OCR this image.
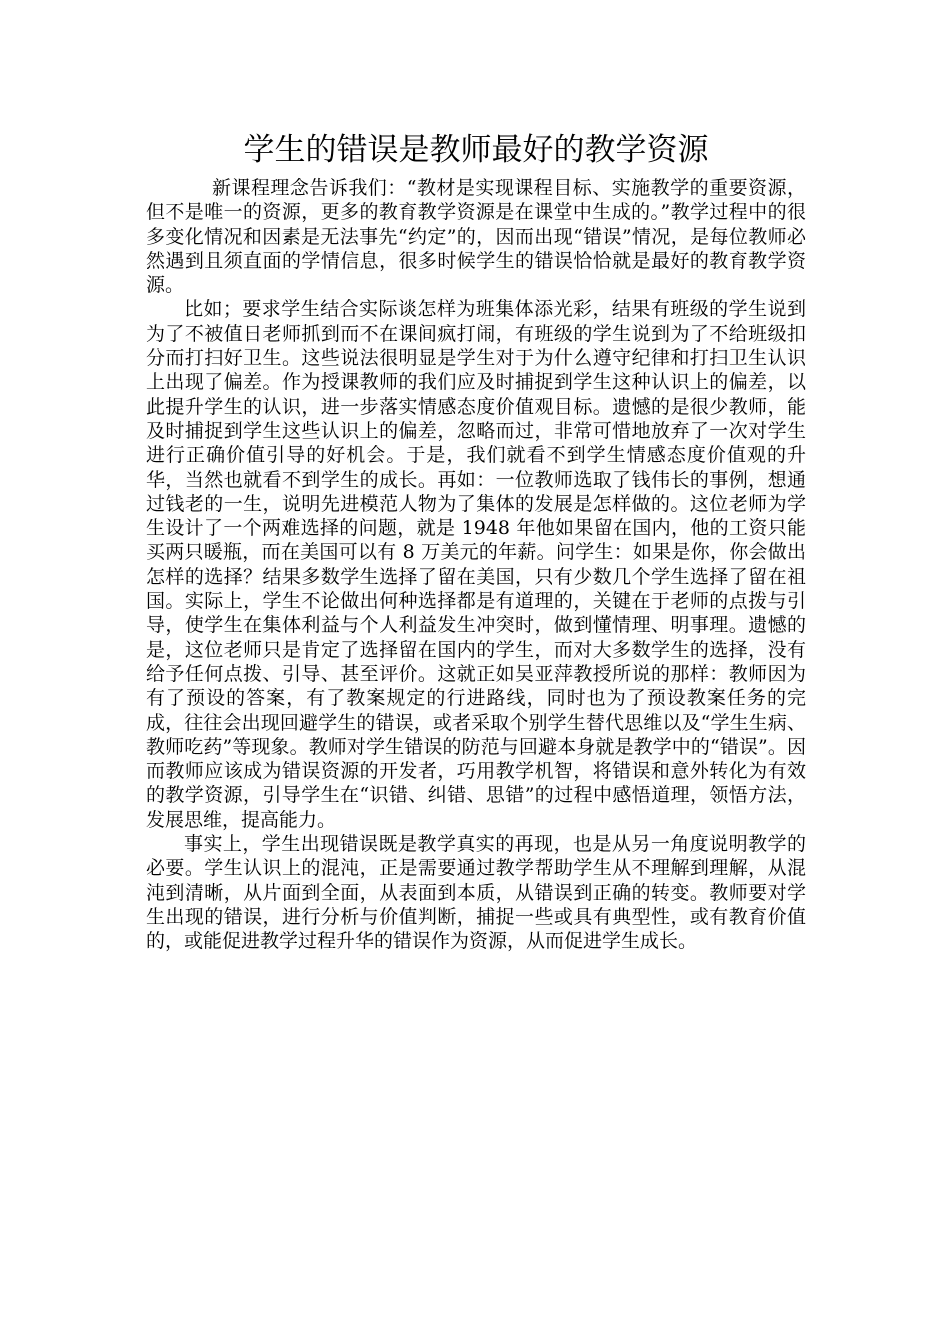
学生的错误是教师最好的教学资源

新课程理念告诉我们：“教材是实现课程目标、实施教学的重要资源，但不是唯一的资源，更多的教育教学资源是在课堂中生成的。”教学过程中的很多变化情况和因素是无法事先“约定”的，因而出现“错误”情况，是每位教师必然遇到且须直面的学情信息，很多时候学生的错误恰恰就是最好的教育教学资源。

比如；要求学生结合实际谈怎样为班集体添光彩，结果有班级的学生说到为了不被值日老师抓到而不在课间疯打闹，有班级的学生说到为了不给班级扣分而打扫好卫生。这些说法很明显是学生对于为什么遵守纪律和打扫卫生认识上出现了偏差。作为授课教师的我们应及时捕捉到学生这种认识上的偏差，以此提升学生的认识，进一步落实情感态度价值观目标。遗憾的是很少教师，能及时捕捉到学生这些认识上的偏差，忽略而过，非常可惜地放弃了一次对学生进行正确价值引导的好机会。于是，我们就看不到学生情感态度价值观的升华，当然也就看不到学生的成长。再如：一位教师选取了钱伟长的事例，想通过钱老的一生，说明先进模范人物为了集体的发展是怎样做的。这位老师为学生设计了一个两难选择的问题，就是 1948 年他如果留在国内，他的工资只能买两只暖瓶，而在美国可以有 8 万美元的年薪。问学生：如果是你，你会做出怎样的选择？结果多数学生选择了留在美国，只有少数几个学生选择了留在祖国。实际上，学生不论做出何种选择都是有道理的，关键在于老师的点拨与引导，使学生在集体利益与个人利益发生冲突时，做到懂情理、明事理。遗憾的是，这位老师只是肯定了选择留在国内的学生，而对大多数学生的选择，没有给予任何点拨、引导、甚至评价。这就正如吴亚萍教授所说的那样：教师因为有了预设的答案，有了教案规定的行进路线，同时也为了预设教案任务的完成，往往会出现回避学生的错误，或者采取个别学生替代思维以及“学生生病、教师吃药”等现象。教师对学生错误的防范与回避本身就是教学中的“错误”。因而教师应该成为错误资源的开发者，巧用教学机智，将错误和意外转化为有效的教学资源，引导学生在“识错、纠错、思错”的过程中感悟道理，领悟方法，发展思维，提高能力。

事实上，学生出现错误既是教学真实的再现，也是从另一角度说明教学的必要。学生认识上的混沌，正是需要通过教学帮助学生从不理解到理解，从混沌到清晰，从片面到全面，从表面到本质，从错误到正确的转变。教师要对学生出现的错误，进行分析与价值判断，捕捉一些或具有典型性，或有教育价值的，或能促进教学过程升华的错误作为资源，从而促进学生成长。
